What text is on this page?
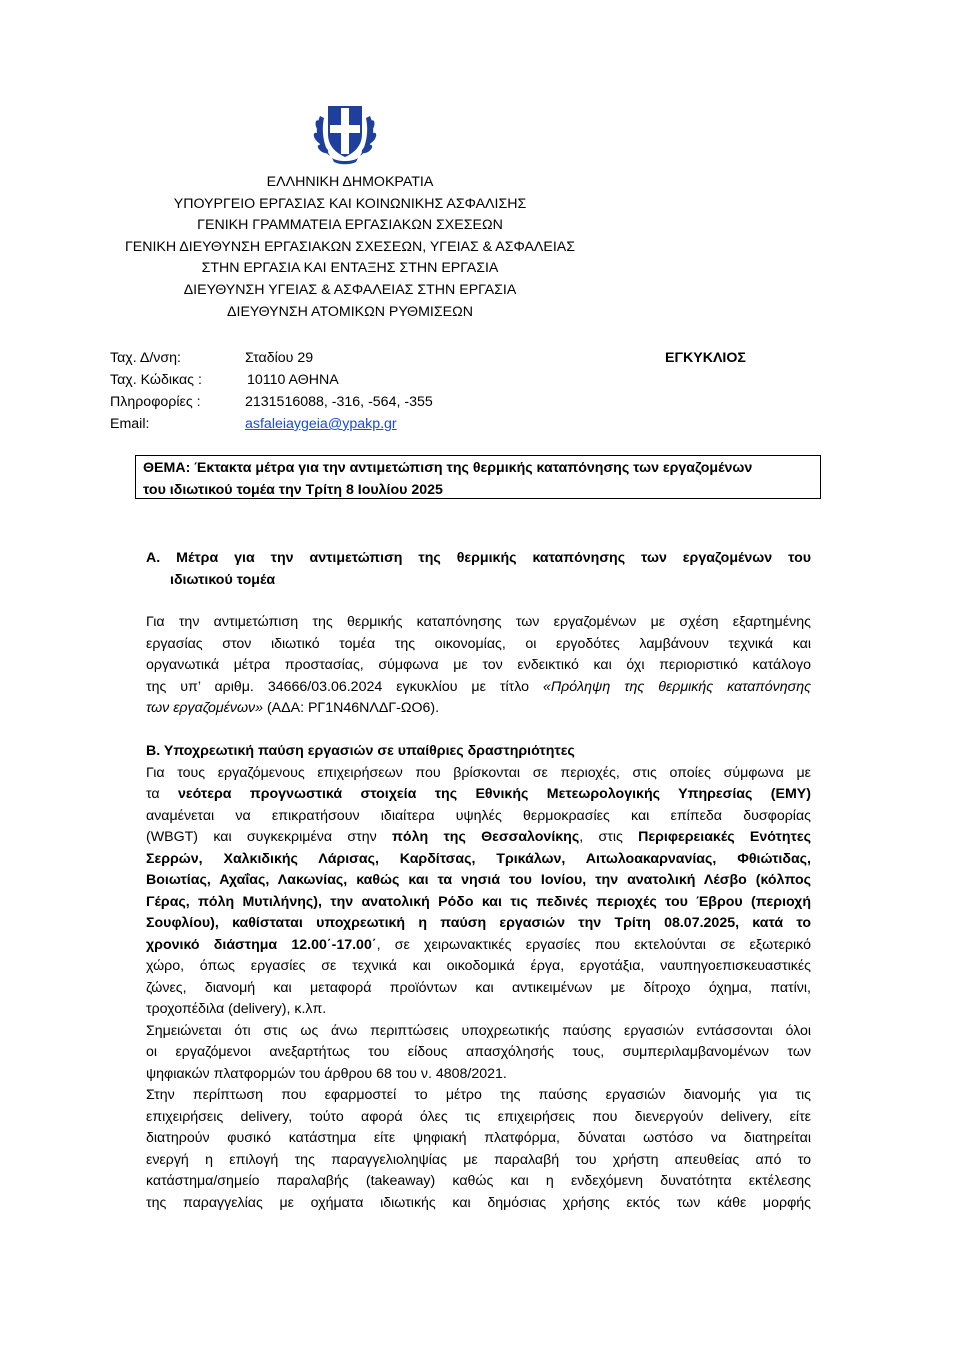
ΕΛΛΗΝΙΚΗ ΔΗΜΟΚΡΑΤΙΑ
ΥΠΟΥΡΓΕΙΟ ΕΡΓΑΣΙΑΣ ΚΑΙ ΚΟΙΝΩΝΙΚΗΣ ΑΣΦΑΛΙΣΗΣ
ΓΕΝΙΚΗ ΓΡΑΜΜΑΤΕΙΑ ΕΡΓΑΣΙΑΚΩΝ ΣΧΕΣΕΩΝ
ΓΕΝΙΚΗ ΔΙΕΥΘΥΝΣΗ ΕΡΓΑΣΙΑΚΩΝ ΣΧΕΣΕΩΝ, ΥΓΕΙΑΣ & ΑΣΦΑΛΕΙΑΣ
ΣΤΗΝ ΕΡΓΑΣΙΑ ΚΑΙ ΕΝΤΑΞΗΣ ΣΤΗΝ ΕΡΓΑΣΙΑ
ΔΙΕΥΘΥΝΣΗ ΥΓΕΙΑΣ & ΑΣΦΑΛΕΙΑΣ ΣΤΗΝ ΕΡΓΑΣΙΑ
ΔΙΕΥΘΥΝΣΗ ΑΤΟΜΙΚΩΝ ΡΥΘΜΙΣΕΩΝ
Ταχ. Δ/νση:	Σταδίου 29
Ταχ. Κώδικας :	10110 ΑΘΗΝΑ
Πληροφορίες :	2131516088, -316, -564, -355
Email:	asfaleiaygeia@ypakp.gr
ΕΓΚΥΚΛΙΟΣ
ΘΕΜΑ: Έκτακτα μέτρα για την αντιμετώπιση της θερμικής καταπόνησης των εργαζομένων
του ιδιωτικού τομέα την Τρίτη 8 Ιουλίου 2025
Α. Μέτρα για την αντιμετώπιση της θερμικής καταπόνησης των εργαζομένων του
ιδιωτικού τομέα
Για την αντιμετώπιση της θερμικής καταπόνησης των εργαζομένων με σχέση εξαρτημένης
εργασίας στον ιδιωτικό τομέα της οικονομίας, οι εργοδότες λαμβάνουν τεχνικά και
οργανωτικά μέτρα προστασίας, σύμφωνα με τον ενδεικτικό και όχι περιοριστικό κατάλογο
της υπ’ αριθμ. 34666/03.06.2024 εγκυκλίου με τίτλο «Πρόληψη της θερμικής καταπόνησης
των εργαζομένων» (ΑΔΑ: ΡΓ1Ν46ΝΛΔΓ-ΩΟ6).
Β. Υποχρεωτική παύση εργασιών σε υπαίθριες δραστηριότητες
Για τους εργαζόμενους επιχειρήσεων που βρίσκονται σε περιοχές, στις οποίες σύμφωνα με
τα νεότερα προγνωστικά στοιχεία της Εθνικής Μετεωρολογικής Υπηρεσίας (ΕΜΥ)
αναμένεται να επικρατήσουν ιδιαίτερα υψηλές θερμοκρασίες και επίπεδα δυσφορίας
(WBGT) και συγκεκριμένα στην πόλη της Θεσσαλονίκης, στις Περιφερειακές Ενότητες
Σερρών, Χαλκιδικής Λάρισας, Καρδίτσας, Τρικάλων, Αιτωλοακαρνανίας, Φθιώτιδας,
Βοιωτίας, Αχαΐας, Λακωνίας, καθώς και τα νησιά του Ιονίου, την ανατολική Λέσβο (κόλπος
Γέρας, πόλη Μυτιλήνης), την ανατολική Ρόδο και τις πεδινές περιοχές του Έβρου (περιοχή
Σουφλίου), καθίσταται υποχρεωτική η παύση εργασιών την Τρίτη 08.07.2025, κατά το
χρονικό διάστημα 12.00΄-17.00΄, σε χειρωνακτικές εργασίες που εκτελούνται σε εξωτερικό
χώρο, όπως εργασίες σε τεχνικά και οικοδομικά έργα, εργοτάξια, ναυπηγοεπισκευαστικές
ζώνες, διανομή και μεταφορά προϊόντων και αντικειμένων με δίτροχο όχημα, πατίνι,
τροχοπέδιλα (delivery), κ.λπ.
Σημειώνεται ότι στις ως άνω περιπτώσεις υποχρεωτικής παύσης εργασιών εντάσσονται όλοι
οι εργαζόμενοι ανεξαρτήτως του είδους απασχόλησής τους, συμπεριλαμβανομένων των
ψηφιακών πλατφορμών του άρθρου 68 του ν. 4808/2021.
Στην περίπτωση που εφαρμοστεί το μέτρο της παύσης εργασιών διανομής για τις
επιχειρήσεις delivery, τούτο αφορά όλες τις επιχειρήσεις που διενεργούν delivery, είτε
διατηρούν φυσικό κατάστημα είτε ψηφιακή πλατφόρμα, δύναται ωστόσο να διατηρείται
ενεργή η επιλογή της παραγγελιοληψίας με παραλαβή του χρήστη απευθείας από το
κατάστημα/σημείο παραλαβής (takeaway) καθώς και η ενδεχόμενη δυνατότητα εκτέλεσης
της παραγγελίας με οχήματα ιδιωτικής και δημόσιας χρήσης εκτός των κάθε μορφής
